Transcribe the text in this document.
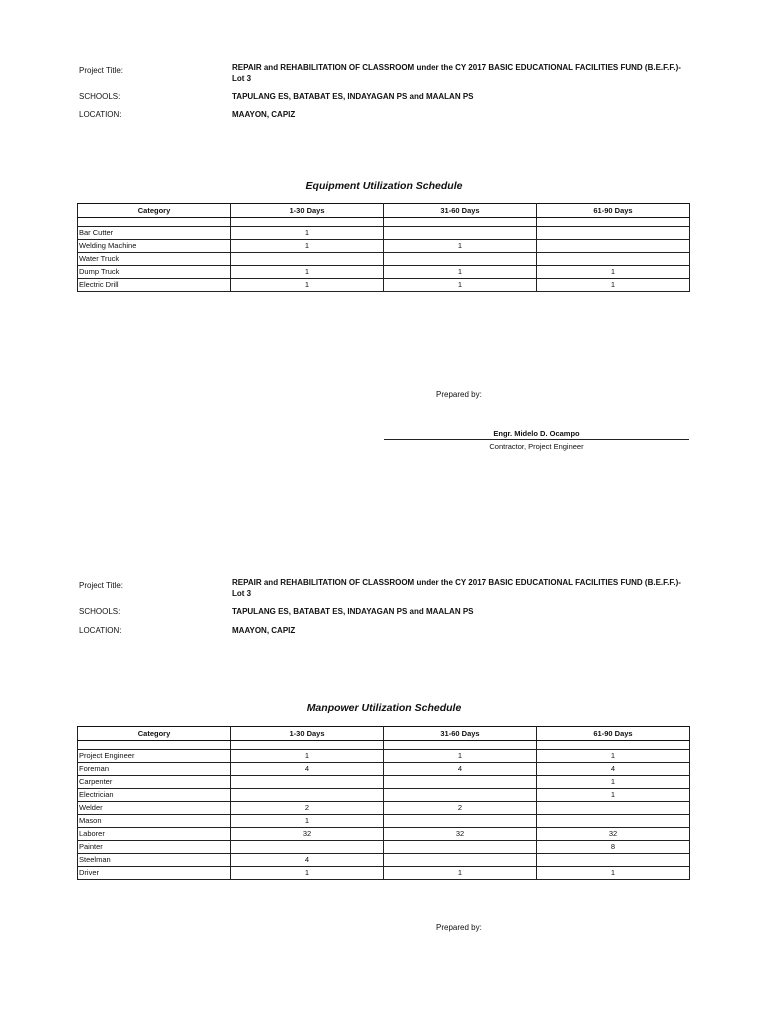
Project Title:	REPAIR and REHABILITATION OF CLASSROOM under the CY 2017 BASIC EDUCATIONAL FACILITIES FUND (B.E.F.F.)- Lot 3
SCHOOLS:	TAPULANG ES, BATABAT ES, INDAYAGAN PS and MAALAN PS
LOCATION:	MAAYON, CAPIZ
Equipment Utilization Schedule
Category	1-30 Days	31-60 Days	61-90 Days

Bar Cutter	1		
Welding Machine	1	1	
Water Truck			
Dump Truck	1	1	1
Electric Drill	1	1	1
Prepared by:
Engr. Midelo D. Ocampo
Contractor, Project Engineer
Project Title:	REPAIR and REHABILITATION OF CLASSROOM under the CY 2017 BASIC EDUCATIONAL FACILITIES FUND (B.E.F.F.)- Lot 3
SCHOOLS:	TAPULANG ES, BATABAT ES, INDAYAGAN PS and MAALAN PS
LOCATION:	MAAYON, CAPIZ
Manpower Utilization Schedule
Category	1-30 Days	31-60 Days	61-90 Days

Project Engineer	1	1	1
Foreman	4	4	4
Carpenter			1
Electrician			1
Welder	2	2	
Mason	1		
Laborer	32	32	32
Painter			8
Steelman	4		
Driver	1	1	1
Prepared by:
